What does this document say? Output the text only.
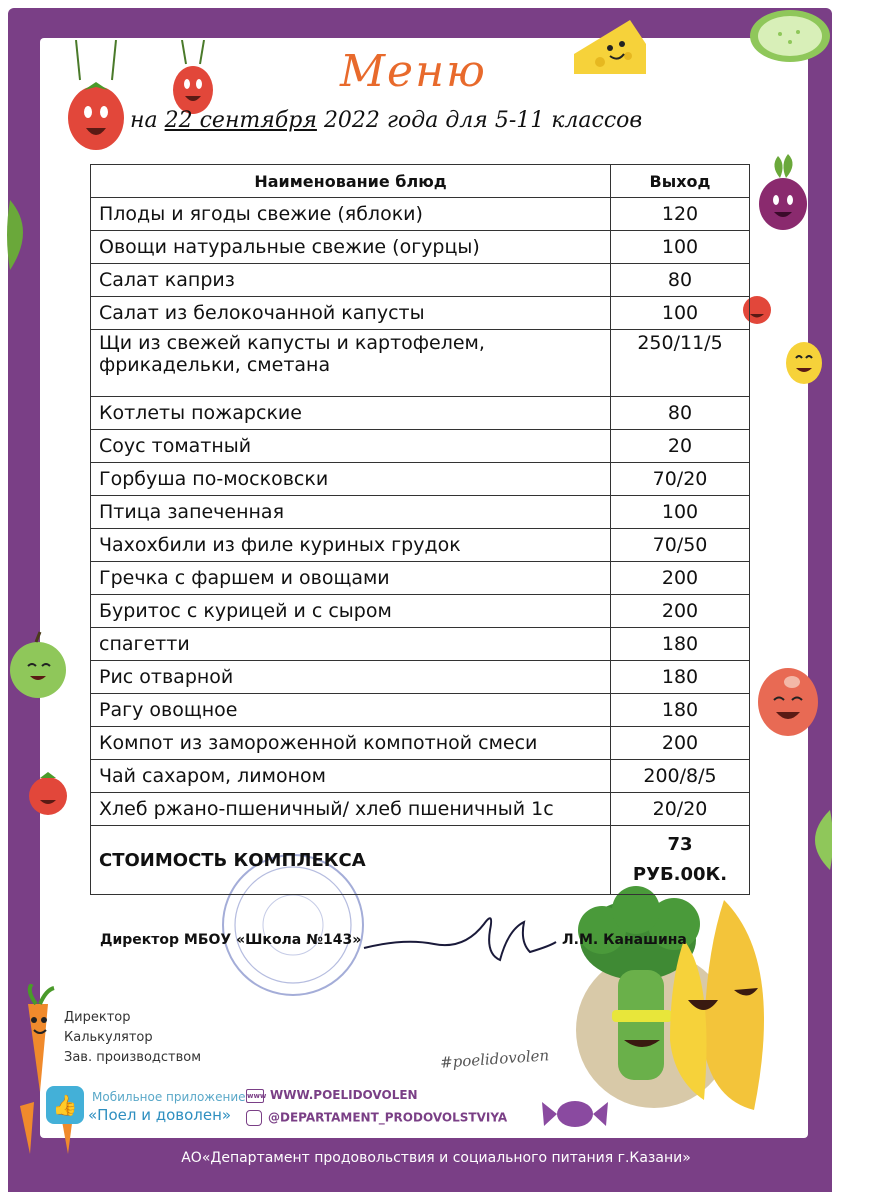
Меню
на 22 сентября 2022 года для 5-11 классов
Наименование блюд	Выход
Плоды и ягоды свежие (яблоки)	120
Овощи натуральные свежие (огурцы)	100
Салат каприз	80
Салат из белокочанной капусты	100
Щи из свежей капусты и картофелем, фрикадельки, сметана	250/11/5
Котлеты пожарские	80
Соус томатный	20
Горбуша по-московски	70/20
Птица запеченная	100
Чахохбили из филе куриных грудок	70/50
Гречка с фаршем и овощами	200
Буритос с курицей и с сыром	200
спагетти	180
Рис отварной	180
Рагу овощное	180
Компот из замороженной компотной смеси	200
Чай сахаром, лимоном	200/8/5
Хлеб ржано-пшеничный/ хлеб пшеничный 1с	20/20
СТОИМОСТЬ КОМПЛЕКСА	73
РУБ.00К.
Директор МБОУ «Школа №143»	Л.М. Канашина
Директор
Калькулятор
Зав. производством	#poelidovolen
👍	Мобильное приложение
«Поел и доволен»
www WWW.POELIDOVOLEN
@DEPARTAMENT_PRODOVOLSTVIYA
АО«Департамент продовольствия и социального питания г.Казани»
